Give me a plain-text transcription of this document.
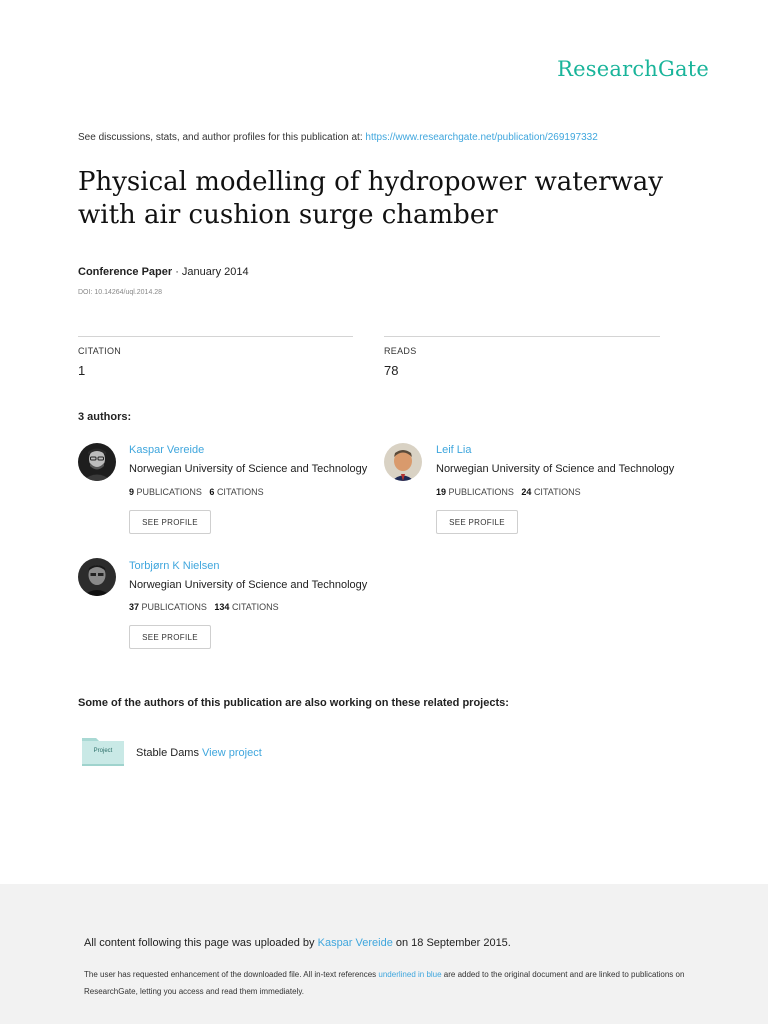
ResearchGate
See discussions, stats, and author profiles for this publication at: https://www.researchgate.net/publication/269197332
Physical modelling of hydropower waterway with air cushion surge chamber
Conference Paper · January 2014
DOI: 10.14264/uql.2014.28
CITATION
1
READS
78
3 authors:
Kaspar Vereide
Norwegian University of Science and Technology
9 PUBLICATIONS 6 CITATIONS
SEE PROFILE
Leif Lia
Norwegian University of Science and Technology
19 PUBLICATIONS 24 CITATIONS
SEE PROFILE
Torbjørn K Nielsen
Norwegian University of Science and Technology
37 PUBLICATIONS 134 CITATIONS
SEE PROFILE
Some of the authors of this publication are also working on these related projects:
Project	Stable Dams View project
All content following this page was uploaded by Kaspar Vereide on 18 September 2015.
The user has requested enhancement of the downloaded file. All in-text references underlined in blue are added to the original document and are linked to publications on ResearchGate, letting you access and read them immediately.
